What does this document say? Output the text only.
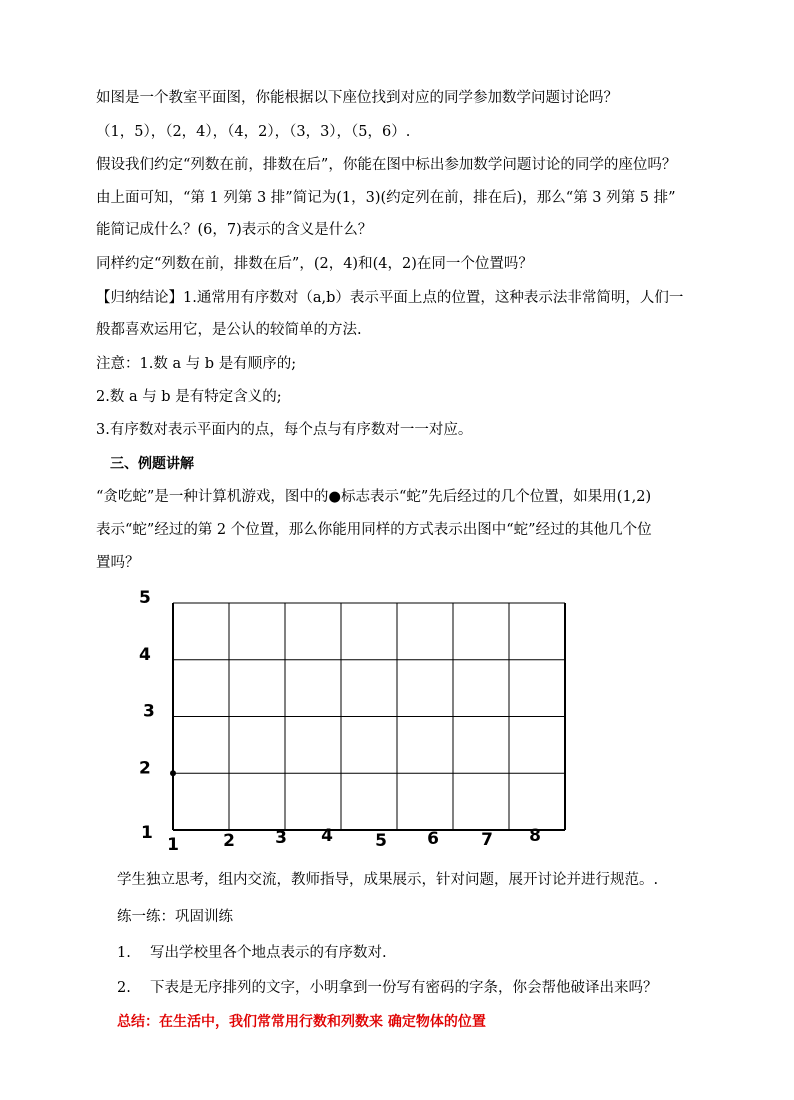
如图是一个教室平面图，你能根据以下座位找到对应的同学参加数学问题讨论吗？
（1，5），（2，4），（4，2），（3，3），（5，6）.
假设我们约定“列数在前，排数在后”，你能在图中标出参加数学问题讨论的同学的座位吗？
由上面可知，“第 1 列第 3 排”简记为(1，3)(约定列在前，排在后)，那么“第 3 列第 5 排”
能简记成什么？(6，7)表示的含义是什么？
同样约定“列数在前，排数在后”，(2，4)和(4，2)在同一个位置吗？
【归纳结论】1.通常用有序数对（a,b）表示平面上点的位置，这种表示法非常简明，人们一
般都喜欢运用它，是公认的较简单的方法.
注意：1.数 a 与 b 是有顺序的;
2.数 a 与 b 是有特定含义的;
3.有序数对表示平面内的点，每个点与有序数对一一对应。
三、例题讲解
“贪吃蛇”是一种计算机游戏，图中的●标志表示“蛇”先后经过的几个位置，如果用(1,2)
表示“蛇”经过的第 2 个位置，那么你能用同样的方式表示出图中“蛇”经过的其他几个位
置吗？
1
2
3
4
5
1	2 3 4 5 6 7 8
学生独立思考，组内交流，教师指导，成果展示，针对问题，展开讨论并进行规范。.
练一练：巩固训练
1.　 写出学校里各个地点表示的有序数对.
2.　 下表是无序排列的文字，小明拿到一份写有密码的字条，你会帮他破译出来吗？
总结：在生活中，我们常常用行数和列数来 确定物体的位置
